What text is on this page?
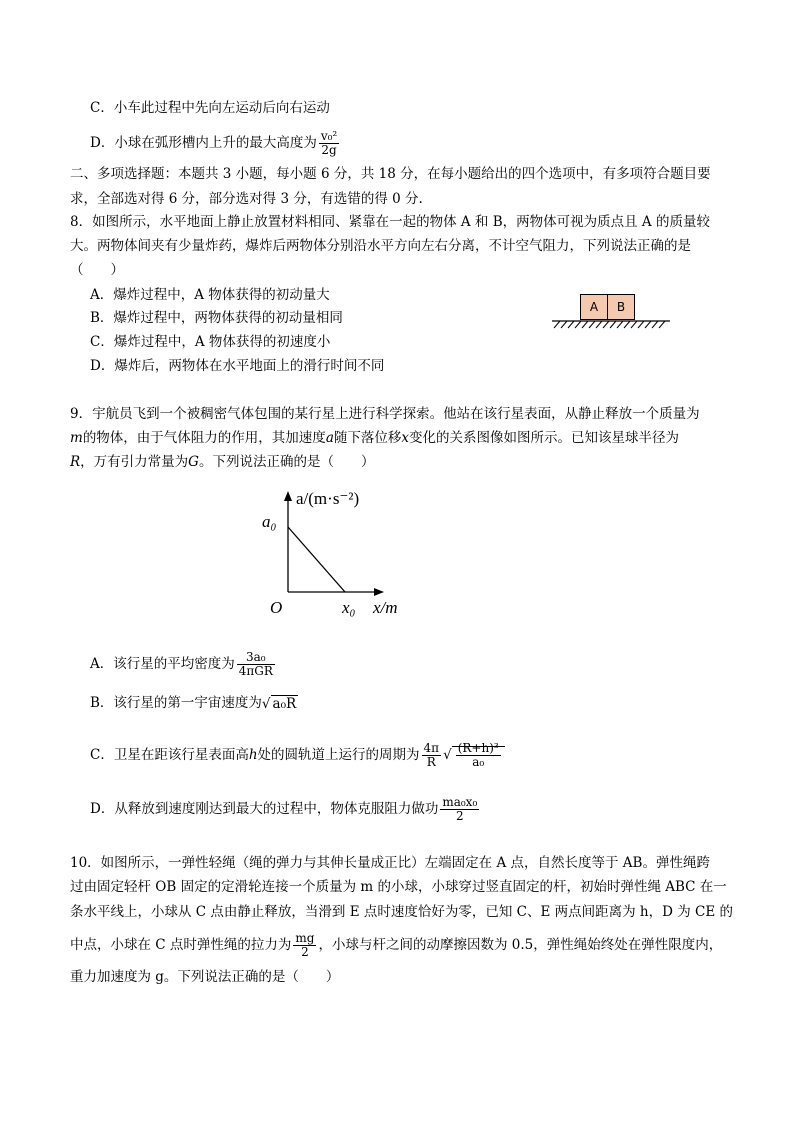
C．小车此过程中先向左运动后向右运动
D．小球在弧形槽内上升的最大高度为 $\frac{\text{v₀²}}{2g}$
二、多项选择题：本题共 3 小题，每小题 6 分，共 18 分，在每小题给出的四个选项中，有多项符合题目要
求，全部选对得 6 分，部分选对得 3 分，有选错的得 0 分.
8．如图所示，水平地面上静止放置材料相同、紧靠在一起的物体 A 和 B，两物体可视为质点且 A 的质量较
大。两物体间夹有少量炸药，爆炸后两物体分别沿水平方向左右分离，不计空气阻力，下列说法正确的是
（　　）
A．爆炸过程中，A 物体获得的初动量大
B．爆炸过程中，两物体获得的初动量相同
C．爆炸过程中，A 物体获得的初速度小
D．爆炸后，两物体在水平地面上的滑行时间不同
A	B
9．宇航员飞到一个被稠密气体包围的某行星上进行科学探索。他站在该行星表面，从静止释放一个质量为
m的物体，由于气体阻力的作用，其加速度a随下落位移x变化的关系图像如图所示。已知该星球半径为
R，万有引力常量为G。下列说法正确的是（　　）
a/(m·s⁻²)
a₀
O	x₀ x/m
A．该行星的平均密度为 $\frac{\text{3a₀}}{\text{4πGR}}$
B．该行星的第一宇宙速度为√ a₀R
C．卫星在距该行星表面高h处的圆轨道上运行的周期为 $\frac{4\pi}{R}$ √ $\frac{\text{(R+h)³}}{\text{a₀}}$
D．从释放到速度刚达到最大的过程中，物体克服阻力做功 $\frac{\text{ma₀x₀}}{2}$
10．如图所示，一弹性轻绳（绳的弹力与其伸长量成正比）左端固定在 A 点，自然长度等于 AB。弹性绳跨
过由固定轻杆 OB 固定的定滑轮连接一个质量为 m 的小球，小球穿过竖直固定的杆，初始时弹性绳 ABC 在一
条水平线上，小球从 C 点由静止释放，当滑到 E 点时速度恰好为零，已知 C、E 两点间距离为 h，D 为 CE 的
中点，小球在 C 点时弹性绳的拉力为 $\frac{mg}{2}$ ，小球与杆之间的动摩擦因数为 0.5，弹性绳始终处在弹性限度内，
重力加速度为 g。下列说法正确的是（　　）
